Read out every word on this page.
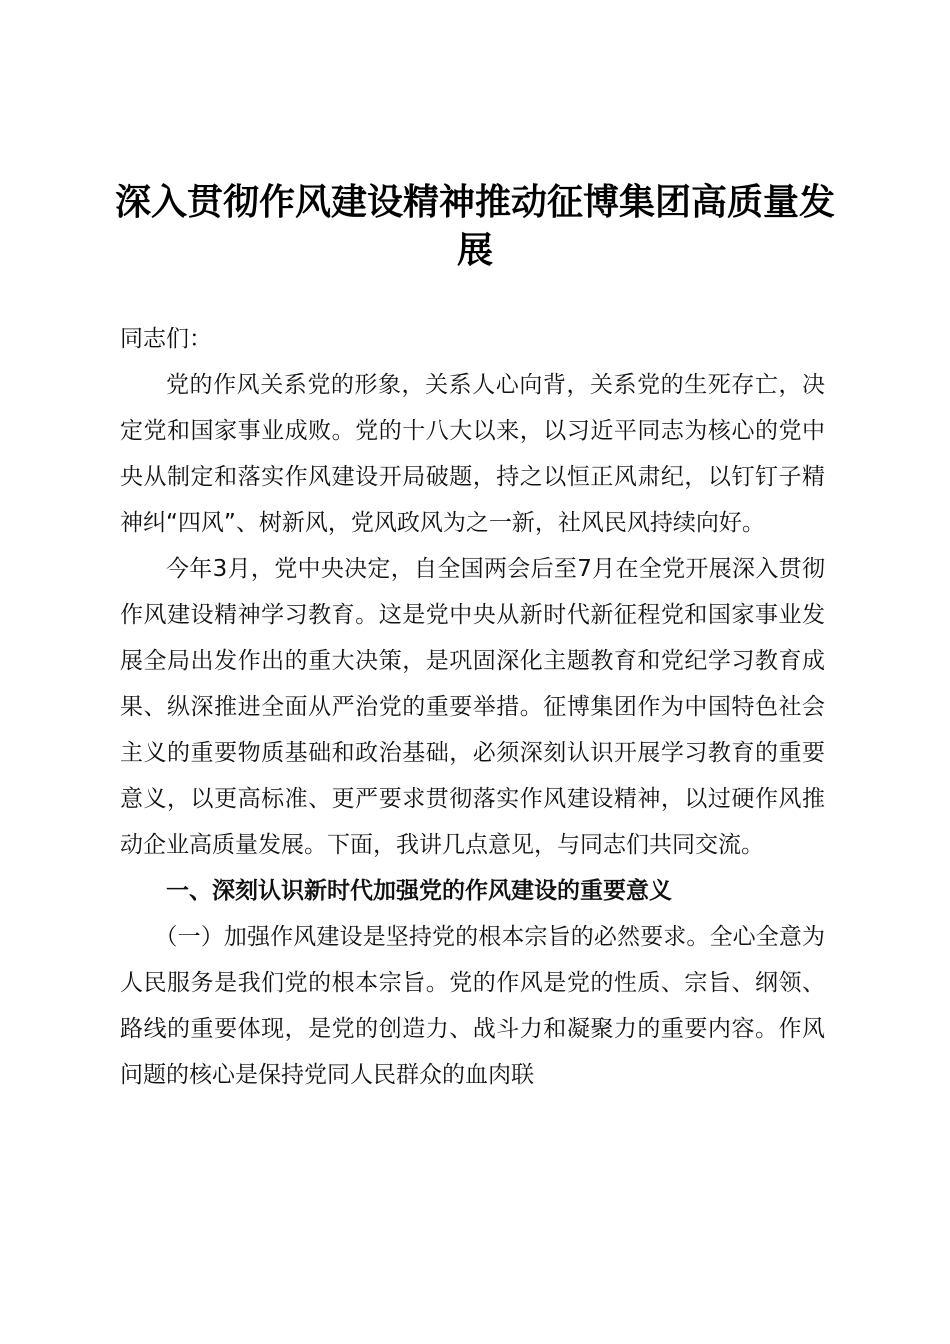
深入贯彻作风建设精神推动征博集团高质量发展

同志们：

党的作风关系党的形象，关系人心向背，关系党的生死存亡，决定党和国家事业成败。党的十八大以来，以习近平同志为核心的党中央从制定和落实作风建设开局破题，持之以恒正风肃纪，以钉钉子精神纠“四风”、树新风，党风政风为之一新，社风民风持续向好。

今年3月，党中央决定，自全国两会后至7月在全党开展深入贯彻作风建设精神学习教育。这是党中央从新时代新征程党和国家事业发展全局出发作出的重大决策，是巩固深化主题教育和党纪学习教育成果、纵深推进全面从严治党的重要举措。征博集团作为中国特色社会主义的重要物质基础和政治基础，必须深刻认识开展学习教育的重要意义，以更高标准、更严要求贯彻落实作风建设精神，以过硬作风推动企业高质量发展。下面，我讲几点意见，与同志们共同交流。

一、深刻认识新时代加强党的作风建设的重要意义

（一）加强作风建设是坚持党的根本宗旨的必然要求。全心全意为人民服务是我们党的根本宗旨。党的作风是党的性质、宗旨、纲领、路线的重要体现，是党的创造力、战斗力和凝聚力的重要内容。作风问题的核心是保持党同人民群众的血肉联
